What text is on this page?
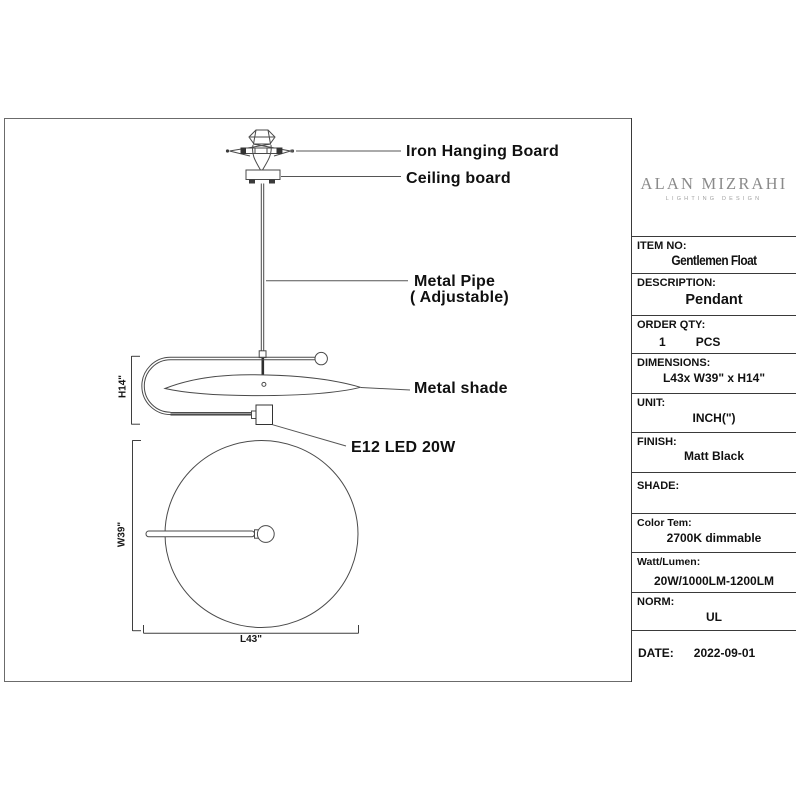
Iron Hanging Board
Ceiling board
Metal Pipe
( Adjustable)
Metal shade
E12 LED 20W
H14"
W39"
L43"
ALAN MIZRAHI
LIGHTING DESIGN
ITEM NO:
Gentlemen Float
DESCRIPTION:
Pendant
ORDER QTY:
1	PCS
DIMENSIONS:
L43x W39" x H14"
UNIT:
INCH(")
FINISH:
Matt Black
SHADE:
Color Tem:
2700K dimmable
Watt/Lumen:
20W/1000LM-1200LM
NORM:
UL
DATE: 2022-09-01
